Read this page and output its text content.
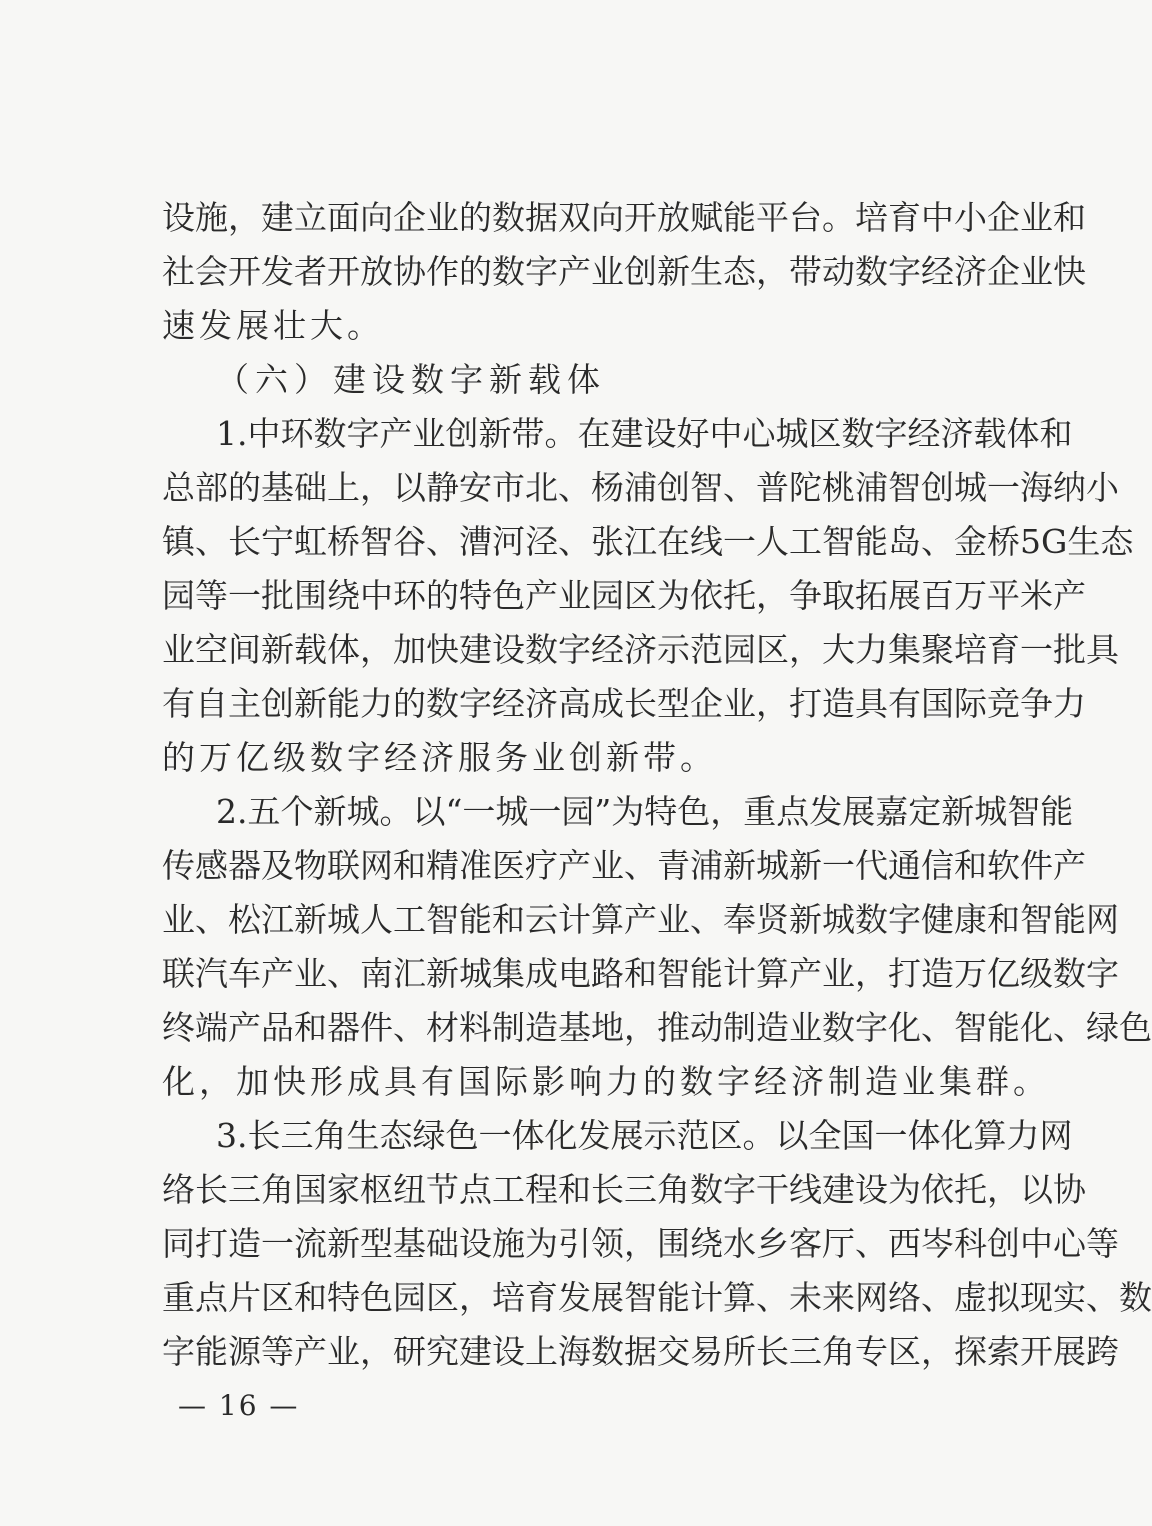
设施，建立面向企业的数据双向开放赋能平台。培育中小企业和
社会开发者开放协作的数字产业创新生态，带动数字经济企业快
速发展壮大。
（六）建设数字新载体
1.中环数字产业创新带。在建设好中心城区数字经济载体和
总部的基础上，以静安市北、杨浦创智、普陀桃浦智创城一海纳小
镇、长宁虹桥智谷、漕河泾、张江在线一人工智能岛、金桥5G生态
园等一批围绕中环的特色产业园区为依托，争取拓展百万平米产
业空间新载体，加快建设数字经济示范园区，大力集聚培育一批具
有自主创新能力的数字经济高成长型企业，打造具有国际竞争力
的万亿级数字经济服务业创新带。
2.五个新城。以“一城一园”为特色，重点发展嘉定新城智能
传感器及物联网和精准医疗产业、青浦新城新一代通信和软件产
业、松江新城人工智能和云计算产业、奉贤新城数字健康和智能网
联汽车产业、南汇新城集成电路和智能计算产业，打造万亿级数字
终端产品和器件、材料制造基地，推动制造业数字化、智能化、绿色
化，加快形成具有国际影响力的数字经济制造业集群。
3.长三角生态绿色一体化发展示范区。以全国一体化算力网
络长三角国家枢纽节点工程和长三角数字干线建设为依托，以协
同打造一流新型基础设施为引领，围绕水乡客厅、西岑科创中心等
重点片区和特色园区，培育发展智能计算、未来网络、虚拟现实、数
字能源等产业，研究建设上海数据交易所长三角专区，探索开展跨
— 16 —
